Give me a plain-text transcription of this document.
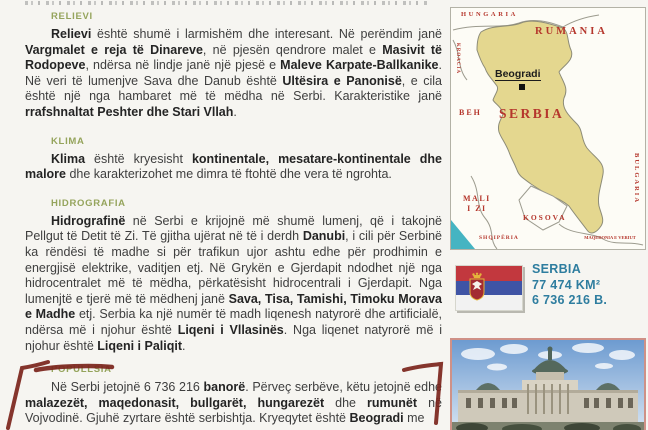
RELIEVI

Relievi është shumë i larmishëm dhe interesant. Në perëndim janë Vargmalet e reja të Dinareve, në pjesën qendrore malet e Masivit të Rodopeve, ndërsa në lindje janë një pjesë e Maleve Karpate-Ballkanike. Në veri të lumenjve Sava dhe Danub është Ultësira e Panonisë, e cila është një nga hambaret më të mëdha në Serbi. Karakteristike janë rrafshnaltat Peshter dhe Stari Vllah.

KLIMA

Klima është kryesisht kontinentale, mesatare-kontinentale dhe malore dhe karakterizohet me dimra të ftohtë dhe vera të ngrohta.

HIDROGRAFIA

Hidrografinë në Serbi e krijojnë më shumë lumenj, që i takojnë Pellgut të Detit të Zi. Të gjitha ujërat në të i derdh Danubi, i cili për Serbinë ka rëndësi të madhe si për trafikun ujor ashtu edhe për prodhimin e energjisë elektrike, vaditjen etj. Në Grykën e Gjerdapit ndodhet një nga hidrocentralet më të mëdha, përkatësisht hidrocentrali i Gjerdapit. Nga lumenjtë e tjerë më të mëdhenj janë Sava, Tisa, Tamishi, Timoku Morava e Madhe etj. Serbia ka një numër të madh liqenesh natyrorë dhe artificialë, ndërsa më i njohur është Liqeni i Vllasinës. Nga liqenet natyrorë më i njohur është Liqeni i Paliqit.

POPULLSIA

Në Serbi jetojnë 6 736 216 banorë. Përveç serbëve, këtu jetojnë edhe malazezët, maqedonasit, bullgarët, hungarezët dhe rumunët në Vojvodinë. Gjuhë zyrtare është serbishtja. Kryeqytet është Beogradi me

HUNGARIA
RUMANIA
KROACIA
BEH SERBIA
MALI
I ZI
KOSOVA
SHQIPËRIA	MAQEDONIA E VERIUT
BULGARIA
Beogradi
SERBIA
77 474 KM²
6 736 216 B.
